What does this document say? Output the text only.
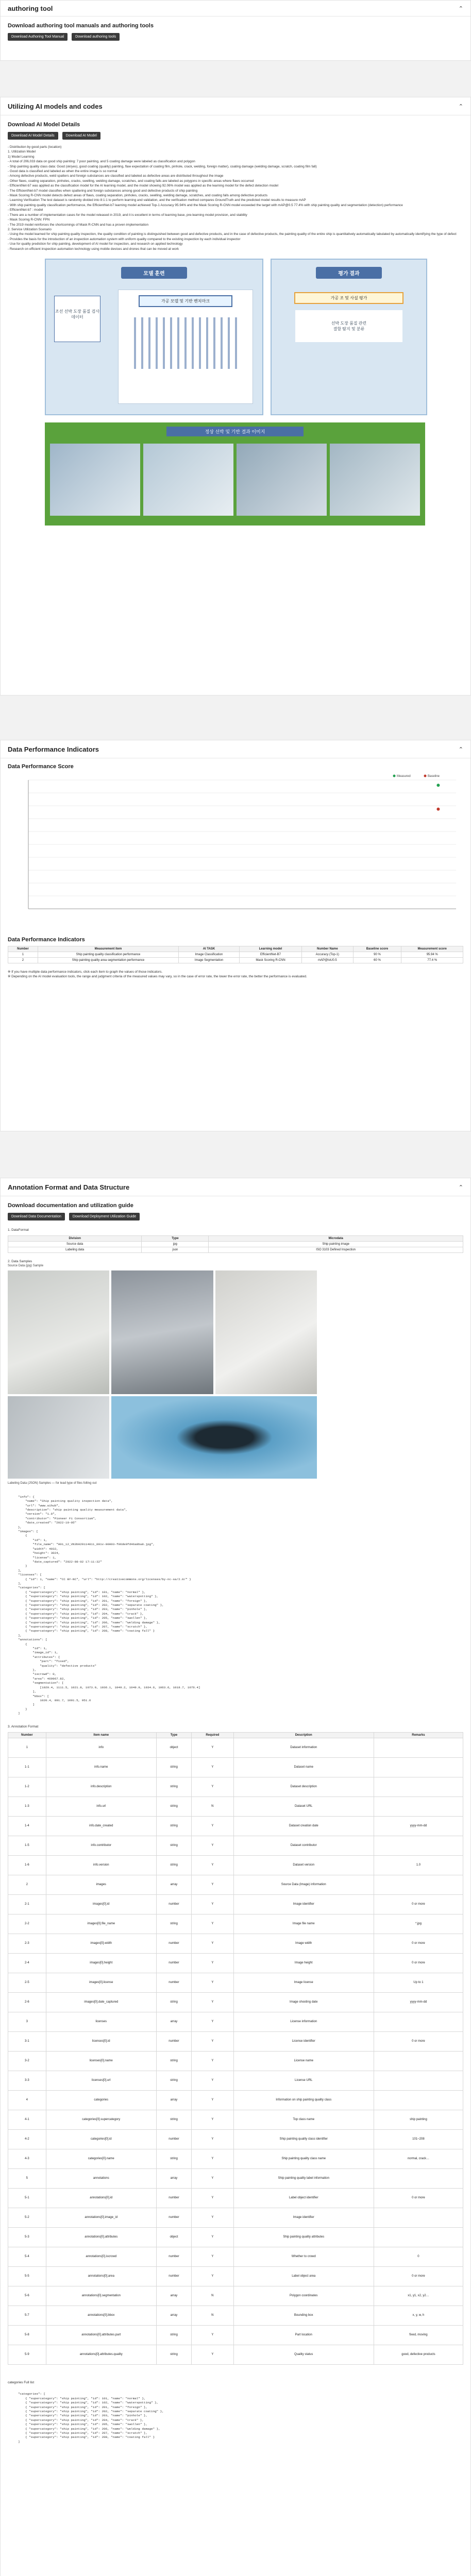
authoring tool	⌃
Download authoring tool manuals and authoring tools
Download Authoring Tool Manual	Download authoring tools
Utilizing AI models and codes	⌃
Download AI Model Details
Download AI Model Details	Download AI Model
- Distribution by good parts (location)
1. Utilization Model
1) Model Learning
- A total of 206,033 data on good ship painting: 7 poor painting, and 5 coating damage were labeled as classification and polygon
- Ship painting quality class data: Good (ok/yes), good coating (quality) painting, flaw expectation of coating film, pinhole, crack, welding, foreign matter), coating damage (welding damage, scratch, coating film fall)
- Good data is classified and labeled as when the entire image is so normal
- Among defective products, weld spatters and foreign substances are classified and labeled as defective areas are distributed throughout the image
- Other flaws, coating separation, pinholes, cracks, swelling, welding damage, scratches, and coating falls are labeled as polygons in specific areas where flaws occurred
- EfficientNet-b7 was applied as the classification model for the AI learning model, and the model showing 92.06% model was applied as the learning model for the defect detection model
- The EfficientNet-b7 model classifies when spattering and foreign substances among good and defective products of ship painting
- Mask Scoring R-CNN model detects defect areas of flaws, coating separation, pinholes, cracks, swelling, welding damage, scratches, and coating falls among defective products
- Learning Verification The test dataset is randomly divided into 8:1:1 to perform learning and validation, and the verification method compares GroundTruth and the predicted model results to measure mAP
- With ship painting quality classification performance, the EfficientNet-b7 learning model achieved Top-1 Accuracy 95.94% and the Mask Scoring R-CNN model exceeded the target with mAP@0.5 77.4% with ship painting quality and segmentation (detection) performance
- EfficientNet-b7 : model
- There are a number of implementation cases for the model released in 2019, and it is excellent in terms of learning base, pre-learning model provision, and stability
- Mask Scoring R-CNN: FPN
- The 2019 model reinforces the shortcomings of Mask R-CNN and has a proven implementation
2. Service Utilization Scenario
- Using the model learned for ship painting quality inspection, the quality condition of painting is distinguished between good and defective products, and in the case of defective products, the painting quality of the entire ship is quantitatively automatically tabulated by automatically identifying the type of defect
- Provides the basis for the introduction of an inspection automation system with uniform quality compared to the existing inspection by each individual inspector
- Use for quality prediction for ship painting, development of AI model for inspection, and research on applied technology
- Research on efficient inspection automation technology using mobile devices and drones that can be moved at work
모델 훈련
조선 선박 도장 품질 검사 데이터
가공 모델 및 기반 벤치마크
평가 결과
가공 조 및 사설 평가
선박 도장 품질 관련
결함 탐지 및 분류
정상 선박 및 기반 결과 이미지
Data Performance Indicators	⌃
Data Performance Score
Measured	Baseline
Data Performance Indicators
Number	Measurement item	AI TASK	Learning model	Number Name	Baseline score	Measurement score
1	Ship painting quality classification performance	Image Classification	EfficientNet-B7	Accuracy (Top-1)	90 %	95.94 %
2	Ship painting quality area segmentation performance	Image Segmentation	Mask Scoring R-CNN	mAP@IoU0.5	60 %	77.4 %
※ If you have multiple data performance indicators, click each item to graph the values of those indicators.
※ Depending on the AI model evaluation tools, the range and judgment criteria of the measured values may vary, so in the case of error rate, the lower the error rate, the better the performance is evaluated.
Annotation Format and Data Structure	⌃
Download documentation and utilization guide
Download Data Documentation	Download Deployment Utilization Guide
1. DataFormat
Division	Type	Microdata
Source data	jpg	Ship painting image
Labeling data	json	ISO 3103 Defined Inspection
2. Data Samples
Source Data (jpg) Sample
Labeling Data (JSON) Samples — for lead type of files folling out
"info": {
"name": "Ship painting quality inspection data",
"url": "www.aihub",
"description": "ship painting quality measurement data",
"version": "1.0",
"contributor": "Pioneer Fi Consortium",
"date_created": "2022-10-05"
},
"images": [
{
"id": 1,
"file_name": "001_12_VN3b029114811_001v-00003-f06de0fd46a8ba8.jpg",
"width": 4032,
"height": 3024,
"license": 1,
"date_captured": "2022-08-02 17:11:32"
}
],
"licenses": [
{ "id": 1, "name": "CC BY-NC", "url": "http://creativecommons.org/licenses/by-nc-sa/2.0/" }
],
"categories": [
{ "supercategory": "ship painting", "id": 101, "name": "normal" },
{ "supercategory": "ship painting", "id": 102, "name": "waterspotting" },
{ "supercategory": "ship painting", "id": 201, "name": "foreign" },
{ "supercategory": "ship painting", "id": 202, "name": "separate coating" },
{ "supercategory": "ship painting", "id": 203, "name": "pinhole" },
{ "supercategory": "ship painting", "id": 204, "name": "crack" },
{ "supercategory": "ship painting", "id": 205, "name": "swollen" },
{ "supercategory": "ship painting", "id": 206, "name": "welding damage" },
{ "supercategory": "ship painting", "id": 207, "name": "scratch" },
{ "supercategory": "ship painting", "id": 208, "name": "coating fall" }
],
"annotations": [
{
"id": 1,
"image_id": 1,
"attributes": {
"part": "fixed",
"quality": "defective products"
},
"iscrowd": 0,
"area": 469967.82,
"segmentation": [
[1020.4, 1111.5, 1021.8, 1073.9, 1036.1, 1049.2, 1049.9, 1034.6, 1063.6, 1018.7, 1076.4]
],
"bbox": [
1020.4, 891.7, 1091.5, 951.6
]
}
]
3. Annotation Format
Number	Item name	Type	Required	Description	Remarks
1	info	object	Y	Dataset information	
1-1	info.name	string	Y	Dataset name	
1-2	info.description	string	Y	Dataset description	
1-3	info.url	string	N	Dataset URL	
1-4	info.date_created	string	Y	Dataset creation date	yyyy-mm-dd
1-5	info.contributor	string	Y	Dataset contributor	
1-6	info.version	string	Y	Dataset version	1.0
2	images	array	Y	Source Data (Image) information	
2-1	images[0].id	number	Y	Image identifier	0 or more
2-2	images[0].file_name	string	Y	Image file name	*.jpg
2-3	images[0].width	number	Y	Image width	0 or more
2-4	images[0].height	number	Y	Image height	0 or more
2-5	images[0].license	number	Y	Image license	Up to 1
2-6	images[0].date_captured	string	Y	Image shooting date	yyyy-mm-dd
3	licenses	array	Y	License information	
3-1	licenses[0].id	number	Y	License identifier	0 or more
3-2	licenses[0].name	string	Y	License name	
3-3	licenses[0].url	string	Y	License URL	
4	categories	array	Y	Information on ship painting quality class	
4-1	categories[0].supercategory	string	Y	Top class name	ship painting
4-2	categories[0].id	number	Y	Ship painting quality class identifier	101~208
4-3	categories[0].name	string	Y	Ship painting quality class name	normal, crack…
5	annotations	array	Y	Ship painting quality label information	
5-1	annotations[0].id	number	Y	Label object identifier	0 or more
5-2	annotations[0].image_id	number	Y	Image identifier	
5-3	annotations[0].attributes	object	Y	Ship painting quality attributes	
5-4	annotations[0].iscrowd	number	Y	Whether to crowd	0
5-5	annotations[0].area	number	Y	Label object area	0 or more
5-6	annotations[0].segmentation	array	N	Polygon coordinates	x1, y1, x2, y2…
5-7	annotations[0].bbox	array	N	Bounding box	x, y, w, h
5-8	annotations[0].attributes.part	string	Y	Part location	fixed, moving
5-9	annotations[0].attributes.quality	string	Y	Quality status	good, defective products
categories Full list
"categories": [
{ "supercategory": "ship painting", "id": 101, "name": "normal" },
{ "supercategory": "ship painting", "id": 102, "name": "waterspotting" },
{ "supercategory": "ship painting", "id": 201, "name": "foreign" },
{ "supercategory": "ship painting", "id": 202, "name": "separate coating" },
{ "supercategory": "ship painting", "id": 203, "name": "pinhole" },
{ "supercategory": "ship painting", "id": 204, "name": "crack" },
{ "supercategory": "ship painting", "id": 205, "name": "swollen" },
{ "supercategory": "ship painting", "id": 206, "name": "welding damage" },
{ "supercategory": "ship painting", "id": 207, "name": "scratch" },
{ "supercategory": "ship painting", "id": 208, "name": "coating fall" }
]
